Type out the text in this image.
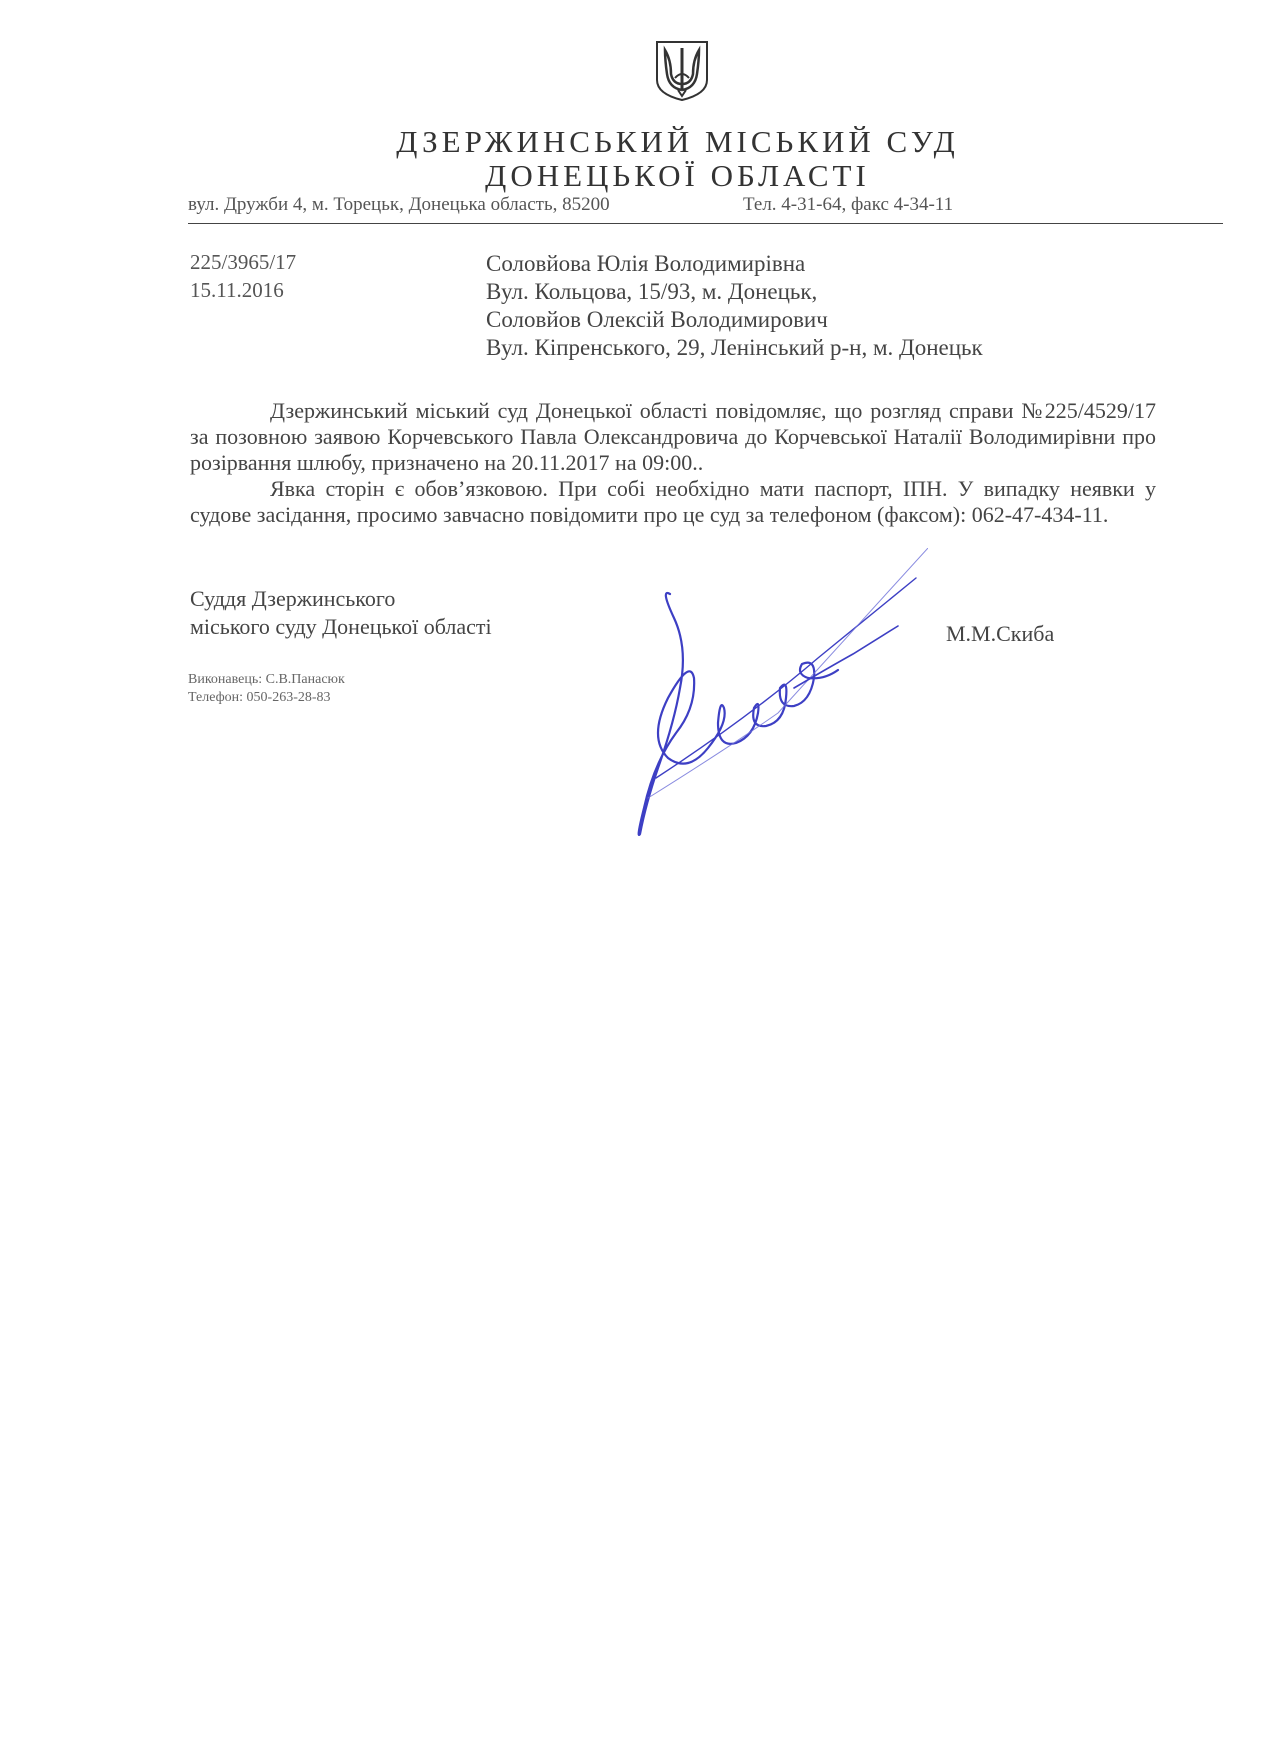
ДЗЕРЖИНСЬКИЙ МІСЬКИЙ СУД
ДОНЕЦЬКОЇ ОБЛАСТІ
вул. Дружби 4, м. Торецьк, Донецька область, 85200	Тел. 4-31-64, факс 4-34-11
225/3965/17
15.11.2016
Соловйова Юлія Володимирівна
Вул. Кольцова, 15/93, м. Донецьк,
Соловйов Олексій Володимирович
Вул. Кіпренського, 29, Ленінський р-н, м. Донецьк

Дзержинський міський суд Донецької області повідомляє, що розгляд справи №225/4529/17 за позовною заявою Корчевського Павла Олександровича до Корчевської Наталії Володимирівни про розірвання шлюбу, призначено на 20.11.2017 на 09:00..

Явка сторін є обов’язковою. При собі необхідно мати паспорт, ІПН. У випадку неявки у судове засідання, просимо завчасно повідомити про це суд за телефоном (факсом): 062-47-434-11.

Суддя Дзержинського
міського суду Донецької області	М.М.Скиба
Виконавець: С.В.Панасюк
Телефон: 050-263-28-83
